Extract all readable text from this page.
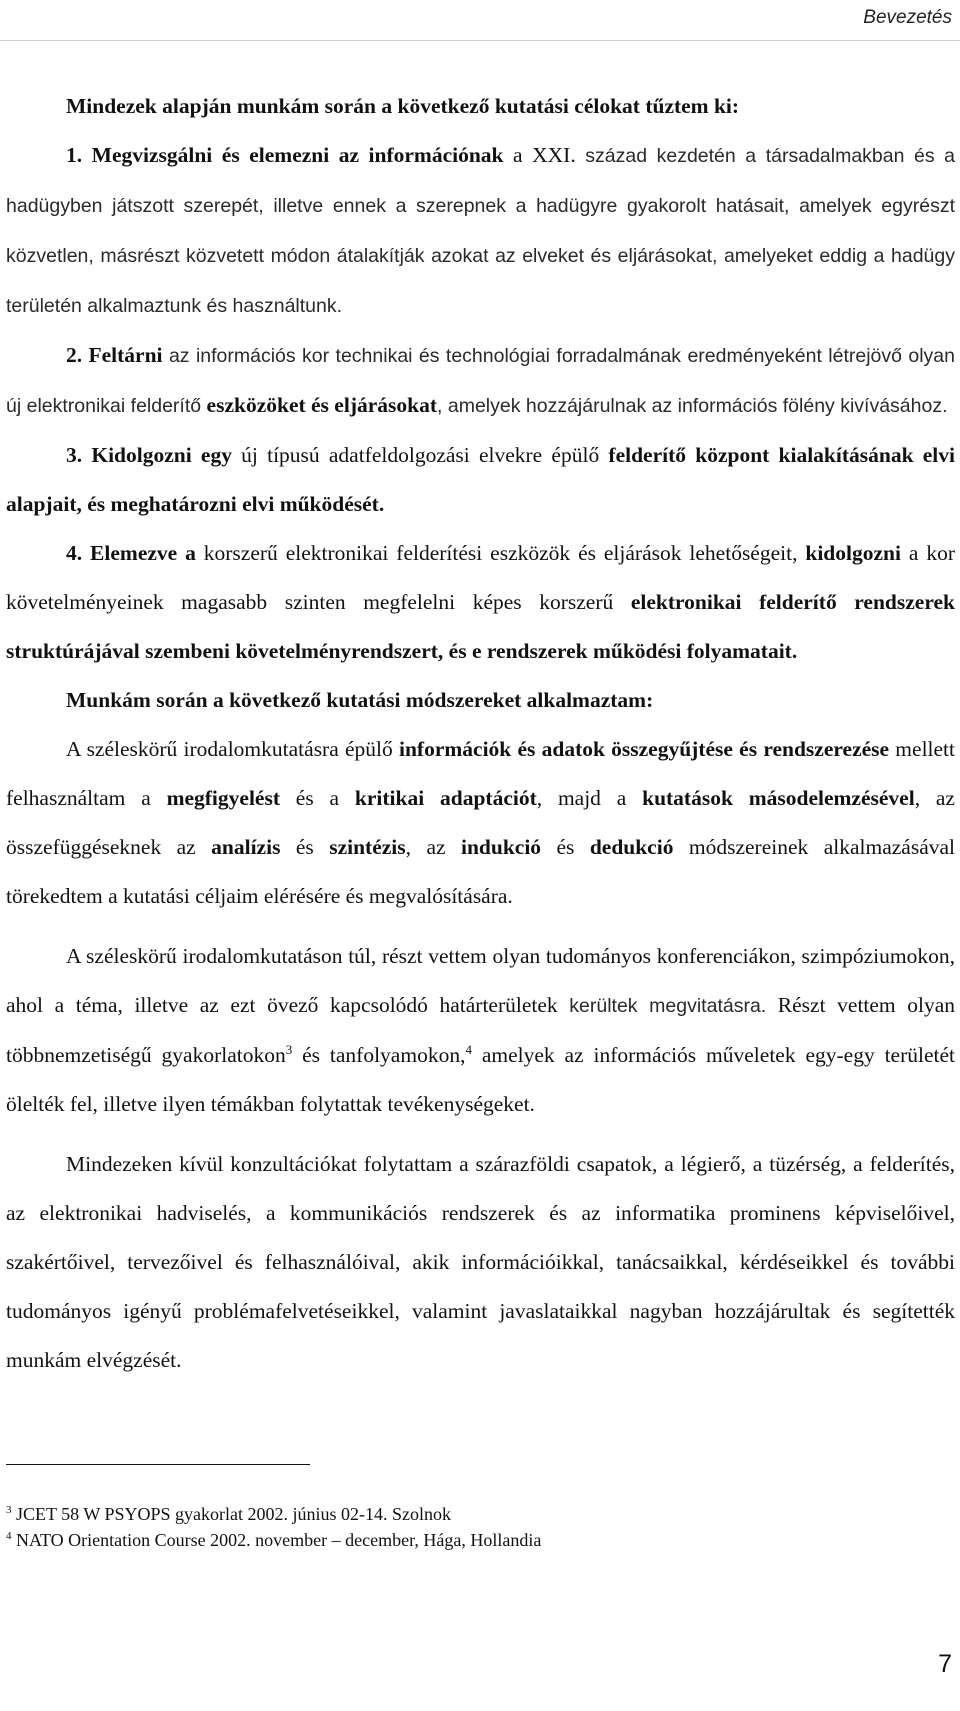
Bevezetés

Mindezek alapján munkám során a következő kutatási célokat tűztem ki:

1. Megvizsgálni és elemezni az információnak a XXI. század kezdetén a társadalmakban és a hadügyben játszott szerepét, illetve ennek a szerepnek a hadügyre gyakorolt hatásait, amelyek egyrészt közvetlen, másrészt közvetett módon átalakítják azokat az elveket és eljárásokat, amelyeket eddig a hadügy területén alkalmaztunk és használtunk.

2. Feltárni az információs kor technikai és technológiai forradalmának eredményeként létrejövő olyan új elektronikai felderítő eszközöket és eljárásokat, amelyek hozzájárulnak az információs fölény kivívásához.

3. Kidolgozni egy új típusú adatfeldolgozási elvekre épülő felderítő központ kialakításának elvi alapjait, és meghatározni elvi működését.

4. Elemezve a korszerű elektronikai felderítési eszközök és eljárások lehetőségeit, kidolgozni a kor követelményeinek magasabb szinten megfelelni képes korszerű elektronikai felderítő rendszerek struktúrájával szembeni követelményrendszert, és e rendszerek működési folyamatait.

Munkám során a következő kutatási módszereket alkalmaztam:

A széleskörű irodalomkutatásra épülő információk és adatok összegyűjtése és rendszerezése mellett felhasználtam a megfigyelést és a kritikai adaptációt, majd a kutatások másodelemzésével, az összefüggéseknek az analízis és szintézis, az indukció és dedukció módszereinek alkalmazásával törekedtem a kutatási céljaim elérésére és megvalósítására.

A széleskörű irodalomkutatáson túl, részt vettem olyan tudományos konferenciákon, szimpóziumokon, ahol a téma, illetve az ezt övező kapcsolódó határterületek kerültek megvitatásra. Részt vettem olyan többnemzetiségű gyakorlatokon$^3$ és tanfolyamokon,$^4$ amelyek az információs műveletek egy-egy területét ölelték fel, illetve ilyen témákban folytattak tevékenységeket.

Mindezeken kívül konzultációkat folytattam a szárazföldi csapatok, a légierő, a tüzérség, a felderítés, az elektronikai hadviselés, a kommunikációs rendszerek és az informatika prominens képviselőivel, szakértőivel, tervezőivel és felhasználóival, akik információikkal, tanácsaikkal, kérdéseikkel és további tudományos igényű problémafelvetéseikkel, valamint javaslataikkal nagyban hozzájárultak és segítették munkám elvégzését.

$^3$ JCET 58 W PSYOPS gyakorlat 2002. június 02-14. Szolnok

$^4$ NATO Orientation Course 2002. november – december, Hága, Hollandia

7
